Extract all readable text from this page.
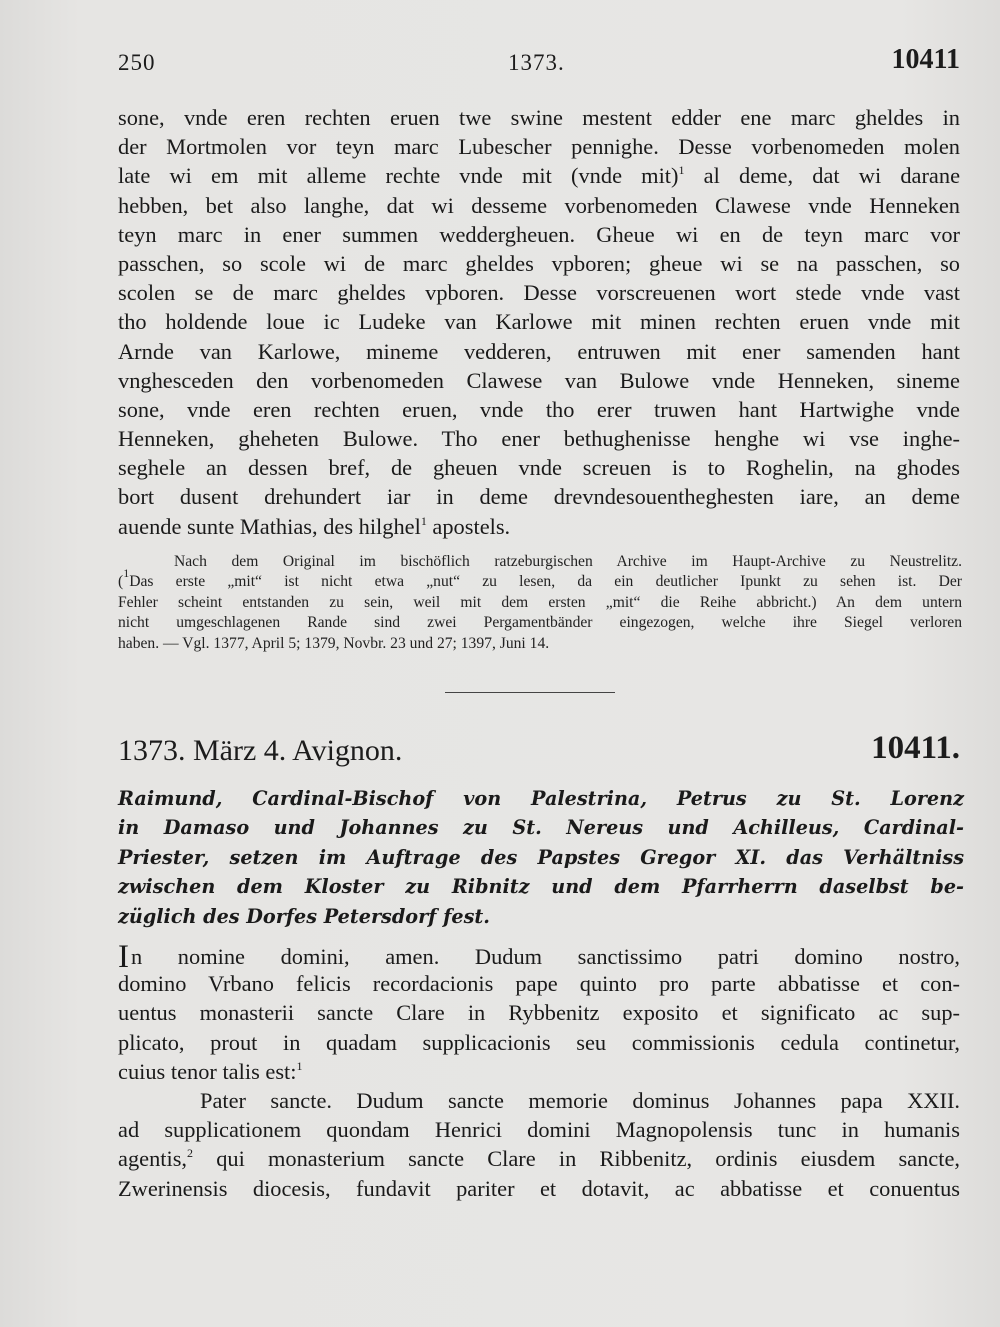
250	1373.	10411
sone, vnde eren rechten eruen twe swine mestent edder ene marc gheldes in
der Mortmolen vor teyn marc Lubescher pennighe. Desse vorbenomeden molen
late wi em mit alleme rechte vnde mit (vnde mit)$^1$ al deme, dat wi darane
hebben, bet also langhe, dat wi desseme vorbenomeden Clawese vnde Henneken
teyn marc in ener summen weddergheuen. Gheue wi en de teyn marc vor
passchen, so scole wi de marc gheldes vpboren; gheue wi se na passchen, so
scolen se de marc gheldes vpboren. Desse vorscreuenen wort stede vnde vast
tho holdende loue ic Ludeke van Karlowe mit minen rechten eruen vnde mit
Arnde van Karlowe, mineme vedderen, entruwen mit ener samenden hant
vnghesceden den vorbenomeden Clawese van Bulowe vnde Henneken, sineme
sone, vnde eren rechten eruen, vnde tho erer truwen hant Hartwighe vnde
Henneken, gheheten Bulowe. Tho ener bethughenisse henghe wi vse inghe-
seghele an dessen bref, de gheuen vnde screuen is to Roghelin, na ghodes
bort dusent drehundert iar in deme drevndesouentheghesten iare, an deme
auende sunte Mathias, des hilghel$^1$ apostels.
Nach dem Original im bischöflich ratzeburgischen Archive im Haupt-Archive zu Neustrelitz.
($^1$Das erste „mit“ ist nicht etwa „nut“ zu lesen, da ein deutlicher Ipunkt zu sehen ist. Der
Fehler scheint entstanden zu sein, weil mit dem ersten „mit“ die Reihe abbricht.) An dem untern
nicht umgeschlagenen Rande sind zwei Pergamentbänder eingezogen, welche ihre Siegel verloren
haben. — Vgl. 1377, April 5; 1379, Novbr. 23 und 27; 1397, Juni 14.
1373. März 4. Avignon.	10411.
Raimund, Cardinal-Bischof von Palestrina, Petrus zu St. Lorenz
in Damaso und Johannes zu St. Nereus und Achilleus, Cardinal-
Priester, setzen im Auftrage des Papstes Gregor XI. das Verhältniss
zwischen dem Kloster zu Ribnitz und dem Pfarrherrn daselbst be-
züglich des Dorfes Petersdorf fest.
In nomine domini, amen. Dudum sanctissimo patri domino nostro,
domino Vrbano felicis recordacionis pape quinto pro parte abbatisse et con-
uentus monasterii sancte Clare in Rybbenitz exposito et significato ac sup-
plicato, prout in quadam supplicacionis seu commissionis cedula continetur,
cuius tenor talis est:$^1$
Pater sancte. Dudum sancte memorie dominus Johannes papa XXII.
ad supplicationem quondam Henrici domini Magnopolensis tunc in humanis
agentis,$^2$ qui monasterium sancte Clare in Ribbenitz, ordinis eiusdem sancte,
Zwerinensis diocesis, fundavit pariter et dotavit, ac abbatisse et conuentus
